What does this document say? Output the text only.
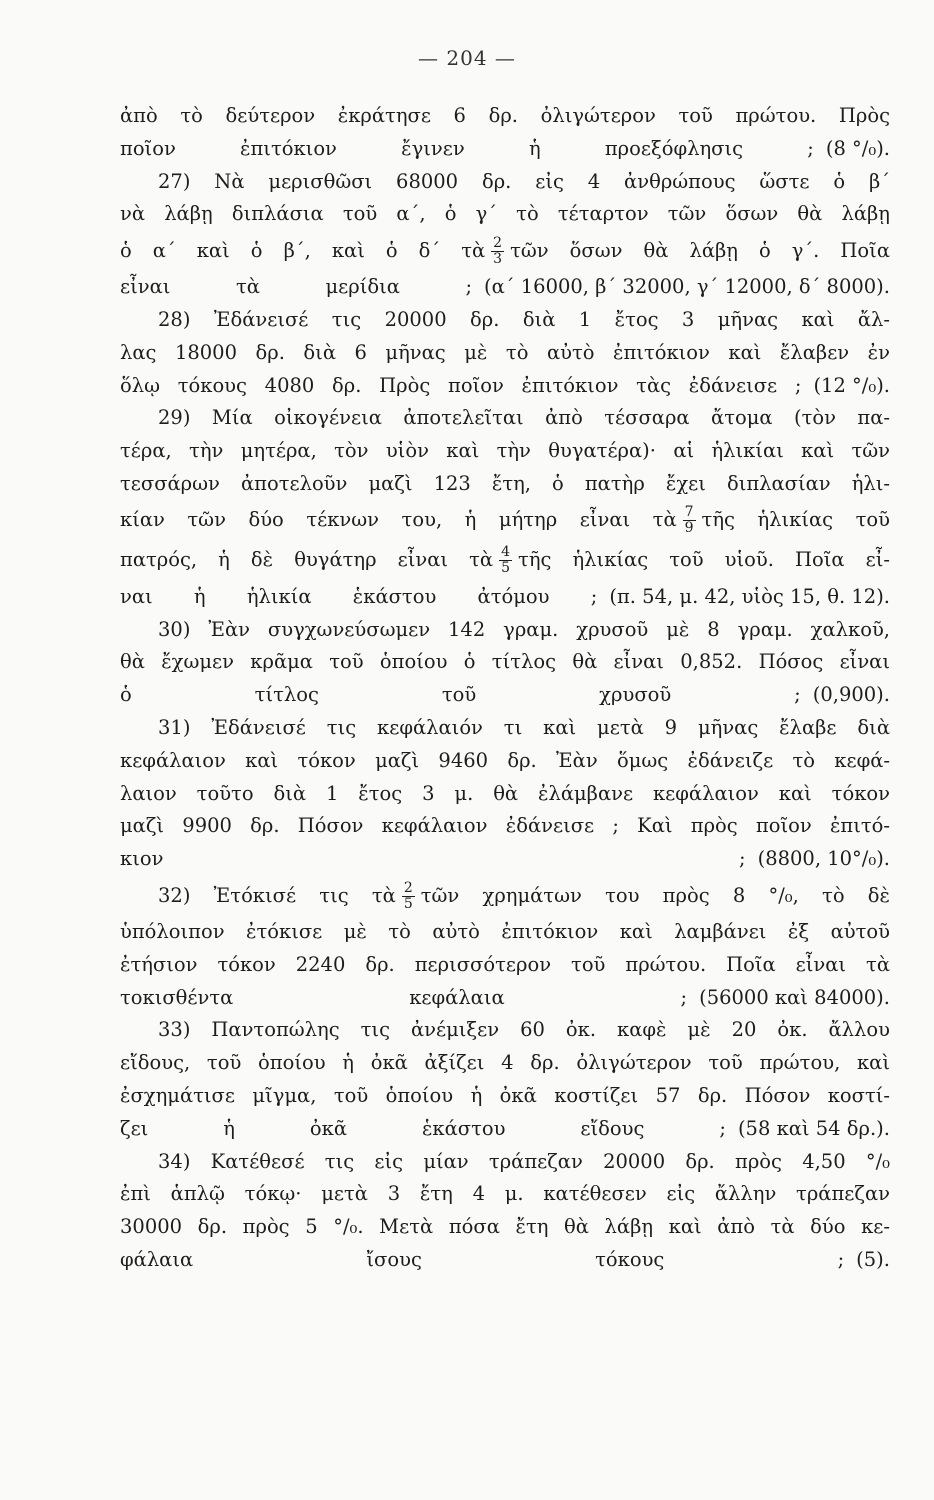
— 204 —
ἀπὸ τὸ δεύτερον ἐκράτησε 6 δρ. ὀλιγώτερον τοῦ πρώτου. Πρὸς
ποῖον ἐπιτόκιον ἔγινεν ἡ προεξόφλησις ; (8 °/₀).
27) Νὰ μερισθῶσι 68000 δρ. εἰς 4 ἀνθρώπους ὥστε ὁ β΄
νὰ λάβῃ διπλάσια τοῦ α΄, ὁ γ΄ τὸ τέταρτον τῶν ὅσων θὰ λάβῃ
ὁ α΄ καὶ ὁ β΄, καὶ ὁ δ΄ τὰ $\frac{2}{3}$ τῶν ὅσων θὰ λάβῃ ὁ γ΄. Ποῖα
εἶναι τὰ μερίδια ; (α΄ 16000, β΄ 32000, γ΄ 12000, δ΄ 8000).
28) Ἐδάνεισέ τις 20000 δρ. διὰ 1 ἔτος 3 μῆνας καὶ ἄλ-
λας 18000 δρ. διὰ 6 μῆνας μὲ τὸ αὐτὸ ἐπιτόκιον καὶ ἔλαβεν ἐν
ὅλῳ τόκους 4080 δρ. Πρὸς ποῖον ἐπιτόκιον τὰς ἐδάνεισε ; (12 °/₀).
29) Μία οἰκογένεια ἀποτελεῖται ἀπὸ τέσσαρα ἄτομα (τὸν πα-
τέρα, τὴν μητέρα, τὸν υἱὸν καὶ τὴν θυγατέρα)· αἱ ἡλικίαι καὶ τῶν
τεσσάρων ἀποτελοῦν μαζὶ 123 ἔτη, ὁ πατὴρ ἔχει διπλασίαν ἡλι-
κίαν τῶν δύο τέκνων του, ἡ μήτηρ εἶναι τὰ $\frac{7}{9}$ τῆς ἡλικίας τοῦ
πατρός, ἡ δὲ θυγάτηρ εἶναι τὰ $\frac{4}{5}$ τῆς ἡλικίας τοῦ υἱοῦ. Ποῖα εἶ-
ναι ἡ ἡλικία ἑκάστου ἀτόμου ; (π. 54, μ. 42, υἱὸς 15, θ. 12).
30) Ἐὰν συγχωνεύσωμεν 142 γραμ. χρυσοῦ μὲ 8 γραμ. χαλκοῦ,
θὰ ἔχωμεν κρᾶμα τοῦ ὁποίου ὁ τίτλος θὰ εἶναι 0,852. Πόσος εἶναι
ὁ τίτλος τοῦ χρυσοῦ ; (0,900).
31) Ἐδάνεισέ τις κεφάλαιόν τι καὶ μετὰ 9 μῆνας ἔλαβε διὰ
κεφάλαιον καὶ τόκον μαζὶ 9460 δρ. Ἐὰν ὅμως ἐδάνειζε τὸ κεφά-
λαιον τοῦτο διὰ 1 ἔτος 3 μ. θὰ ἐλάμβανε κεφάλαιον καὶ τόκον
μαζὶ 9900 δρ. Πόσον κεφάλαιον ἐδάνεισε ; Καὶ πρὸς ποῖον ἐπιτό-
κιον ; (8800, 10°/₀).
32) Ἐτόκισέ τις τὰ $\frac{2}{5}$ τῶν χρημάτων του πρὸς 8 °/₀, τὸ δὲ
ὑπόλοιπον ἐτόκισε μὲ τὸ αὐτὸ ἐπιτόκιον καὶ λαμβάνει ἐξ αὐτοῦ
ἐτήσιον τόκον 2240 δρ. περισσότερον τοῦ πρώτου. Ποῖα εἶναι τὰ
τοκισθέντα κεφάλαια ; (56000 καὶ 84000).
33) Παντοπώλης τις ἀνέμιξεν 60 ὀκ. καφὲ μὲ 20 ὀκ. ἄλλου
εἴδους, τοῦ ὁποίου ἡ ὀκᾶ ἀξίζει 4 δρ. ὀλιγώτερον τοῦ πρώτου, καὶ
ἐσχημάτισε μῖγμα, τοῦ ὁποίου ἡ ὀκᾶ κοστίζει 57 δρ. Πόσον κοστί-
ζει ἡ ὀκᾶ ἑκάστου εἴδους ; (58 καὶ 54 δρ.).
34) Κατέθεσέ τις εἰς μίαν τράπεζαν 20000 δρ. πρὸς 4,50 °/₀
ἐπὶ ἁπλῷ τόκῳ· μετὰ 3 ἔτη 4 μ. κατέθεσεν εἰς ἄλλην τράπεζαν
30000 δρ. πρὸς 5 °/₀. Μετὰ πόσα ἔτη θὰ λάβῃ καὶ ἀπὸ τὰ δύο κε-
φάλαια ἴσους τόκους ; (5).
